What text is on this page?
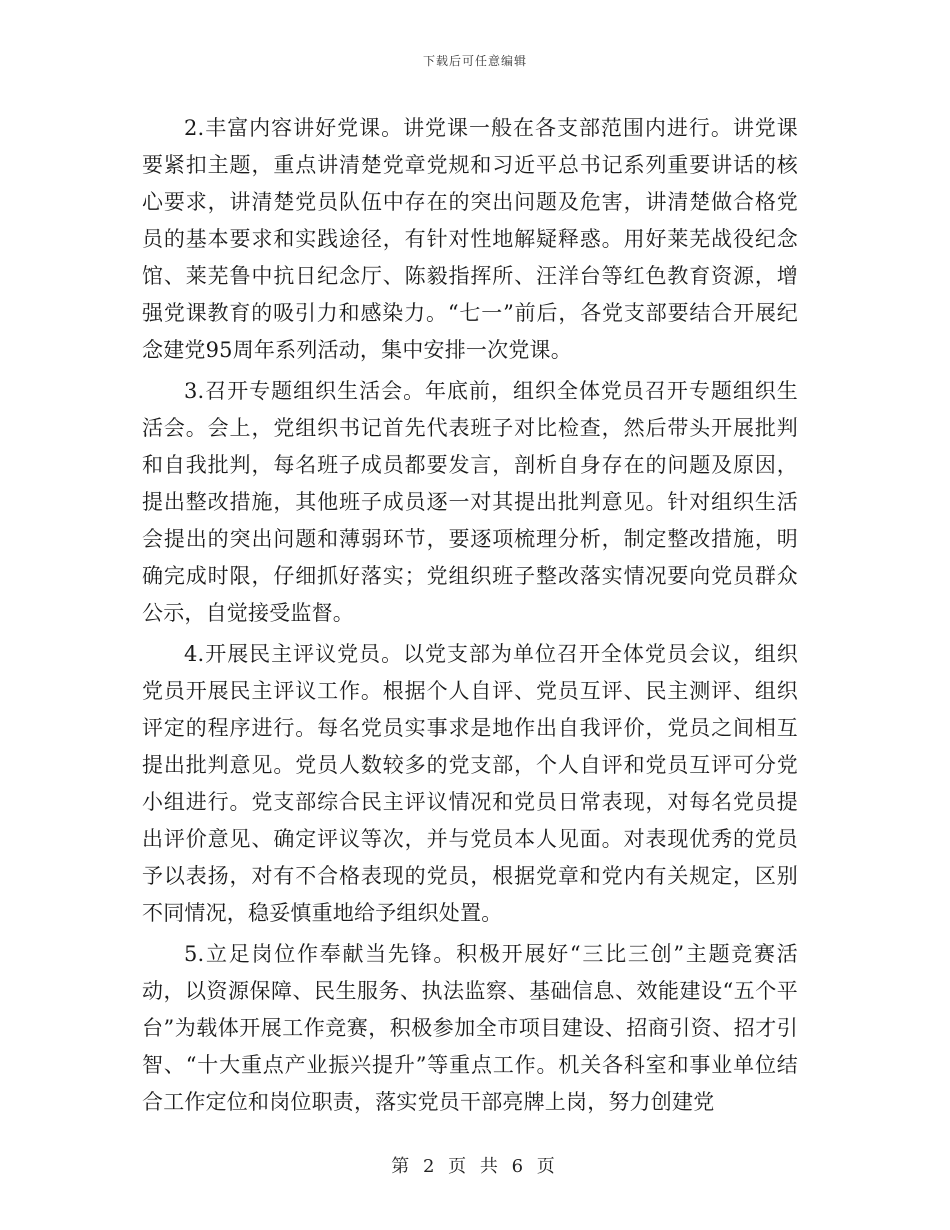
下载后可任意编辑

2.丰富内容讲好党课。讲党课一般在各支部范围内进行。讲党课要紧扣主题，重点讲清楚党章党规和习近平总书记系列重要讲话的核心要求，讲清楚党员队伍中存在的突出问题及危害，讲清楚做合格党员的基本要求和实践途径，有针对性地解疑释惑。用好莱芜战役纪念馆、莱芜鲁中抗日纪念厅、陈毅指挥所、汪洋台等红色教育资源，增强党课教育的吸引力和感染力。“七一”前后，各党支部要结合开展纪念建党95周年系列活动，集中安排一次党课。

3.召开专题组织生活会。年底前，组织全体党员召开专题组织生活会。会上，党组织书记首先代表班子对比检查，然后带头开展批判和自我批判，每名班子成员都要发言，剖析自身存在的问题及原因，提出整改措施，其他班子成员逐一对其提出批判意见。针对组织生活会提出的突出问题和薄弱环节，要逐项梳理分析，制定整改措施，明确完成时限，仔细抓好落实；党组织班子整改落实情况要向党员群众公示，自觉接受监督。

4.开展民主评议党员。以党支部为单位召开全体党员会议，组织党员开展民主评议工作。根据个人自评、党员互评、民主测评、组织评定的程序进行。每名党员实事求是地作出自我评价，党员之间相互提出批判意见。党员人数较多的党支部，个人自评和党员互评可分党小组进行。党支部综合民主评议情况和党员日常表现，对每名党员提出评价意见、确定评议等次，并与党员本人见面。对表现优秀的党员予以表扬，对有不合格表现的党员，根据党章和党内有关规定，区别不同情况，稳妥慎重地给予组织处置。

5.立足岗位作奉献当先锋。积极开展好“三比三创”主题竞赛活动，以资源保障、民生服务、执法监察、基础信息、效能建设“五个平台”为载体开展工作竞赛，积极参加全市项目建设、招商引资、招才引智、“十大重点产业振兴提升”等重点工作。机关各科室和事业单位结合工作定位和岗位职责，落实党员干部亮牌上岗，努力创建党

第 2 页 共 6 页
